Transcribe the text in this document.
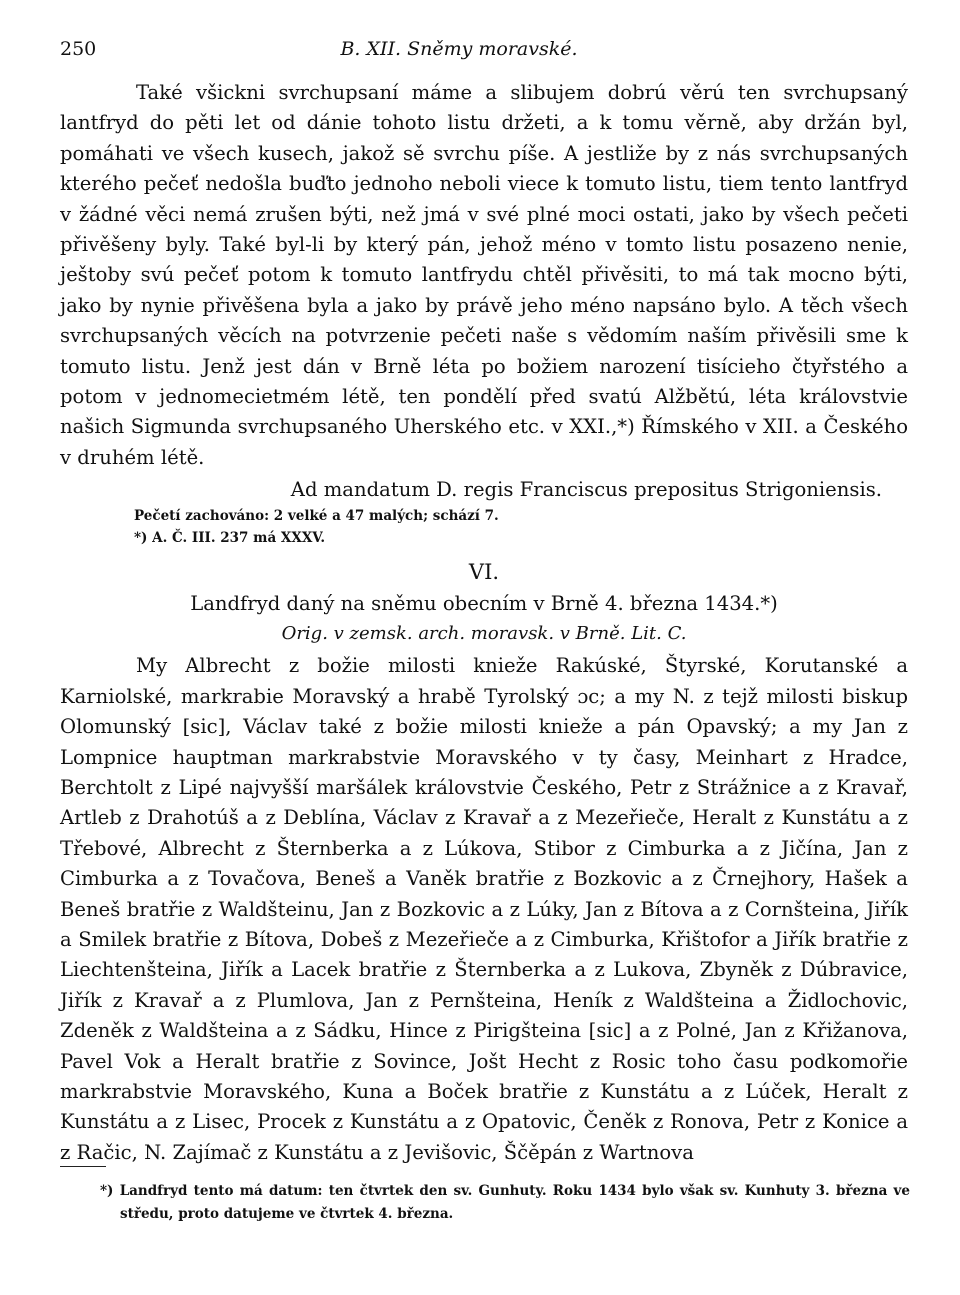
250	B. XII. Sněmy moravské.

Také všickni svrchupsaní máme a slibujem dobrú věrú ten svrchupsaný lantfryd do pěti let od dánie tohoto listu držeti, a k tomu věrně, aby držán byl, pomáhati ve všech kusech, jakož sě svrchu píše. A jestliže by z nás svrchupsaných kterého pečeť nedošla buďto jednoho neboli viece k tomuto listu, tiem tento lantfryd v žádné věci nemá zrušen býti, než jmá v své plné moci ostati, jako by všech pečeti přivěšeny byly. Také byl-li by který pán, jehož méno v tomto listu posazeno nenie, ještoby svú pečeť potom k tomuto lantfrydu chtěl přivěsiti, to má tak mocno býti, jako by nynie přivěšena byla a jako by právě jeho méno napsáno bylo. A těch všech svrchupsaných věcích na potvrzenie pečeti naše s vědomím naším přivěsili sme k tomuto listu. Jenž jest dán v Brně léta po božiem narození tisícieho čtyřstého a potom v jednomecietmém létě, ten pondělí před svatú Alžbětú, léta královstvie našich Sigmunda svrchupsaného Uherského etc. v XXI.,*) Římského v XII. a Českého v druhém létě.

Ad mandatum D. regis Franciscus prepositus Strigoniensis.
Pečetí zachováno: 2 velké a 47 malých; schází 7.
*) A. Č. III. 237 má XXXV.

VI.

Landfryd daný na sněmu obecním v Brně 4. března 1434.*)

Orig. v zemsk. arch. moravsk. v Brně. Lit. C.

My Albrecht z božie milosti knieže Rakúské, Štyrské, Korutanské a Karniolské, markrabie Moravský a hrabě Tyrolský ɔc; a my N. z tejž milosti biskup Olomunský [sic], Václav také z božie milosti knieže a pán Opavský; a my Jan z Lompnice hauptman markrabstvie Moravského v ty časy, Meinhart z Hradce, Berchtolt z Lipé najvyšší maršálek královstvie Českého, Petr z Strážnice a z Kravař, Artleb z Drahotúš a z Deblína, Václav z Kravař a z Mezeřieče, Heralt z Kunstátu a z Třebové, Albrecht z Šternberka a z Lúkova, Stibor z Cimburka a z Jičína, Jan z Cimburka a z Tovačova, Beneš a Vaněk bratřie z Bozkovic a z Črnejhory, Hašek a Beneš bratřie z Waldšteinu, Jan z Bozkovic a z Lúky, Jan z Bítova a z Cornšteina, Jiřík a Smilek bratřie z Bítova, Dobeš z Mezeřieče a z Cimburka, Křištofor a Jiřík bratřie z Liechtenšteina, Jiřík a Lacek bratřie z Šternberka a z Lukova, Zbyněk z Dúbravice, Jiřík z Kravař a z Plumlova, Jan z Pernšteina, Heník z Waldšteina a Židlochovic, Zdeněk z Waldšteina a z Sádku, Hince z Pirigšteina [sic] a z Polné, Jan z Křižanova, Pavel Vok a Heralt bratřie z Sovince, Jošt Hecht z Rosic toho času podkomořie markrabstvie Moravského, Kuna a Boček bratřie z Kunstátu a z Lúček, Heralt z Kunstátu a z Lisec, Procek z Kunstátu a z Opatovic, Čeněk z Ronova, Petr z Konice a z Račic, N. Zajímač z Kunstátu a z Jevišovic, Ščěpán z Wartnova

*) Landfryd tento má datum: ten čtvrtek den sv. Gunhuty. Roku 1434 bylo však sv. Kunhuty 3. března ve středu, proto datujeme ve čtvrtek 4. března.
